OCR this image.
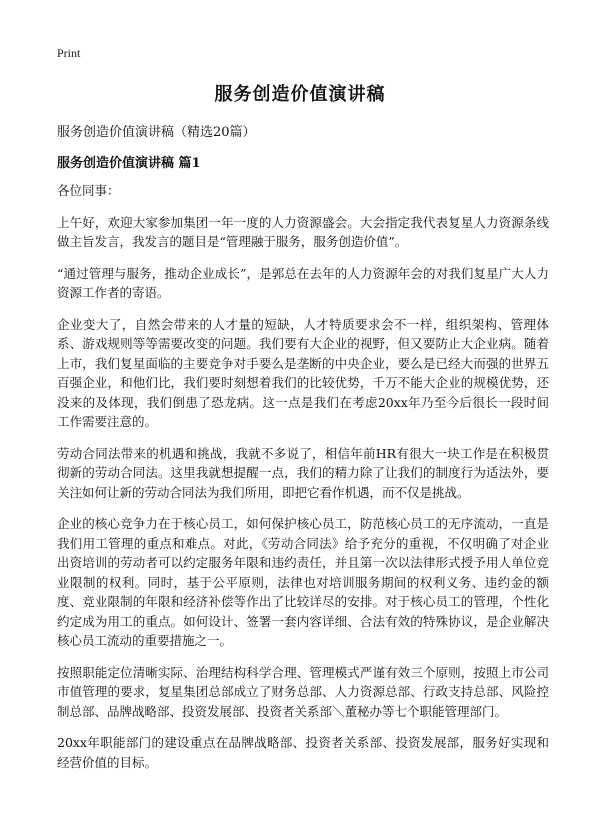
Print
服务创造价值演讲稿

服务创造价值演讲稿（精选20篇）

服务创造价值演讲稿 篇1

各位同事：

上午好，欢迎大家参加集团一年一度的人力资源盛会。大会指定我代表复星人力资源条线做主旨发言，我发言的题目是“管理融于服务，服务创造价值”。

“通过管理与服务，推动企业成长”，是郭总在去年的人力资源年会的对我们复星广大人力资源工作者的寄语。

企业变大了，自然会带来的人才量的短缺，人才特质要求会不一样，组织架构、管理体系、游戏规则等等需要改变的问题。我们要有大企业的视野，但又要防止大企业病。随着上市，我们复星面临的主要竞争对手要么是垄断的中央企业，要么是已经大而强的世界五百强企业，和他们比，我们要时刻想着我们的比较优势，千万不能大企业的规模优势，还没来的及体现，我们倒患了恐龙病。这一点是我们在考虑20xx年乃至今后很长一段时间工作需要注意的。

劳动合同法带来的机遇和挑战，我就不多说了，相信年前HR有很大一块工作是在积极贯彻新的劳动合同法。这里我就想提醒一点，我们的精力除了让我们的制度行为适法外，要关注如何让新的劳动合同法为我们所用，即把它看作机遇，而不仅是挑战。

企业的核心竞争力在于核心员工，如何保护核心员工，防范核心员工的无序流动，一直是我们用工管理的重点和难点。对此，《劳动合同法》给予充分的重视，不仅明确了对企业出资培训的劳动者可以约定服务年限和违约责任，并且第一次以法律形式授予用人单位竞业限制的权利。同时，基于公平原则，法律也对培训服务期间的权利义务、违约金的额度、竞业限制的年限和经济补偿等作出了比较详尽的安排。对于核心员工的管理，个性化约定成为用工的重点。如何设计、签署一套内容详细、合法有效的特殊协议，是企业解决核心员工流动的重要措施之一。

按照职能定位清晰实际、治理结构科学合理、管理模式严谨有效三个原则，按照上市公司市值管理的要求，复星集团总部成立了财务总部、人力资源总部、行政支持总部、风险控制总部、品牌战略部、投资发展部、投资者关系部＼董秘办等七个职能管理部门。

20xx年职能部门的建设重点在品牌战略部、投资者关系部、投资发展部，服务好实现和经营价值的目标。
